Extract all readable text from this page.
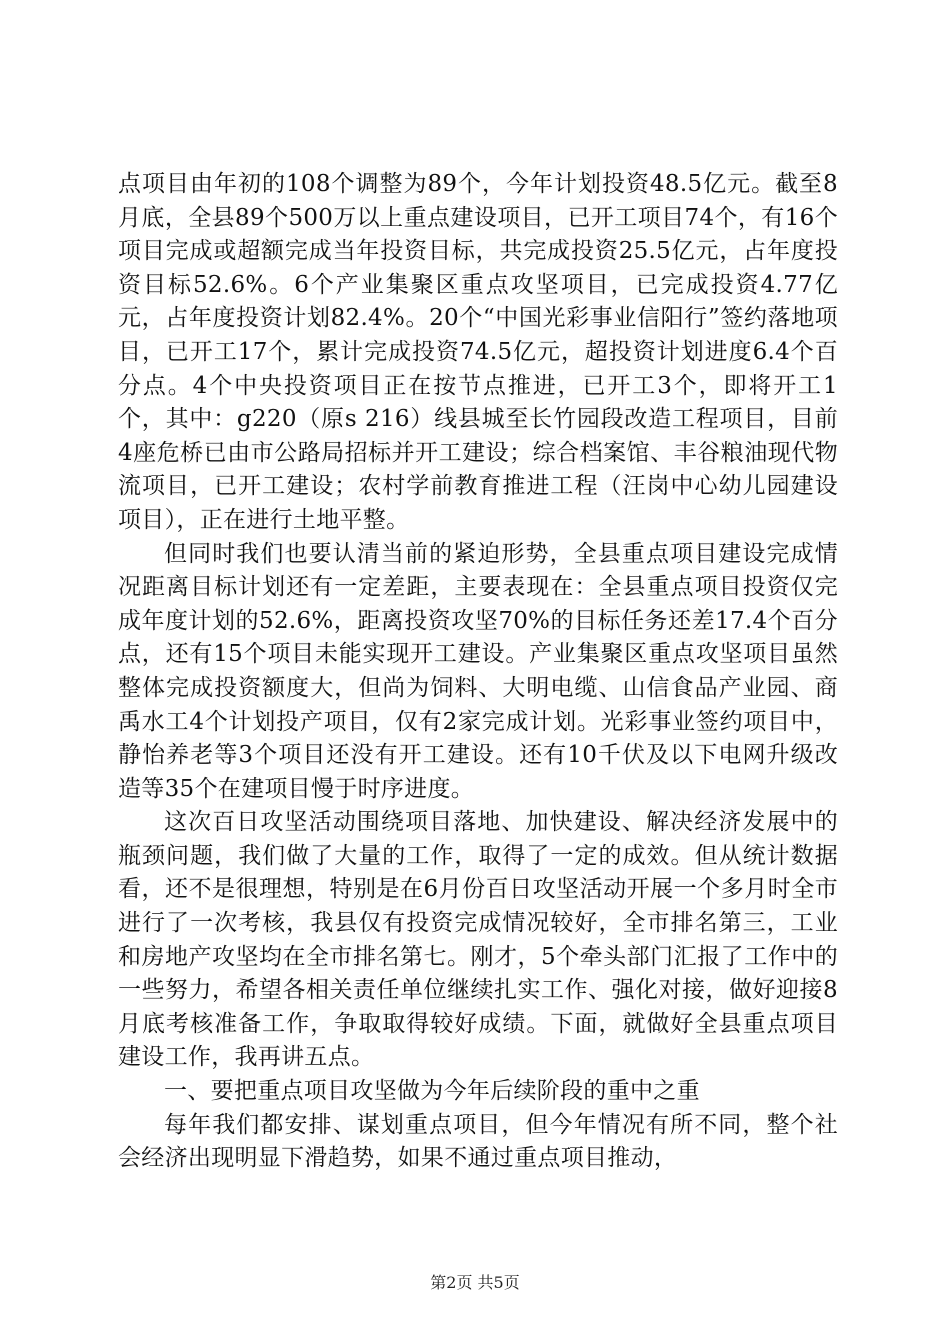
点项目由年初的108个调整为89个，今年计划投资48.5亿元。截至8月底，全县89个500万以上重点建设项目，已开工项目74个，有16个项目完成或超额完成当年投资目标，共完成投资25.5亿元，占年度投资目标52.6%。6个产业集聚区重点攻坚项目，已完成投资4.77亿元，占年度投资计划82.4%。20个“中国光彩事业信阳行”签约落地项目，已开工17个，累计完成投资74.5亿元，超投资计划进度6.4个百分点。4个中央投资项目正在按节点推进，已开工3个，即将开工1个，其中：g220（原s 216）线县城至长竹园段改造工程项目，目前4座危桥已由市公路局招标并开工建设；综合档案馆、丰谷粮油现代物流项目，已开工建设；农村学前教育推进工程（汪岗中心幼儿园建设项目），正在进行土地平整。

但同时我们也要认清当前的紧迫形势，全县重点项目建设完成情况距离目标计划还有一定差距，主要表现在：全县重点项目投资仅完成年度计划的52.6%，距离投资攻坚70%的目标任务还差17.4个百分点，还有15个项目未能实现开工建设。产业集聚区重点攻坚项目虽然整体完成投资额度大，但尚为饲料、大明电缆、山信食品产业园、商禹水工4个计划投产项目，仅有2家完成计划。光彩事业签约项目中，静怡养老等3个项目还没有开工建设。还有10千伏及以下电网升级改造等35个在建项目慢于时序进度。

这次百日攻坚活动围绕项目落地、加快建设、解决经济发展中的瓶颈问题，我们做了大量的工作，取得了一定的成效。但从统计数据看，还不是很理想，特别是在6月份百日攻坚活动开展一个多月时全市进行了一次考核，我县仅有投资完成情况较好，全市排名第三，工业和房地产攻坚均在全市排名第七。刚才，5个牵头部门汇报了工作中的一些努力，希望各相关责任单位继续扎实工作、强化对接，做好迎接8月底考核准备工作，争取取得较好成绩。下面，就做好全县重点项目建设工作，我再讲五点。

一、要把重点项目攻坚做为今年后续阶段的重中之重

每年我们都安排、谋划重点项目，但今年情况有所不同，整个社会经济出现明显下滑趋势，如果不通过重点项目推动，

第2页 共5页
